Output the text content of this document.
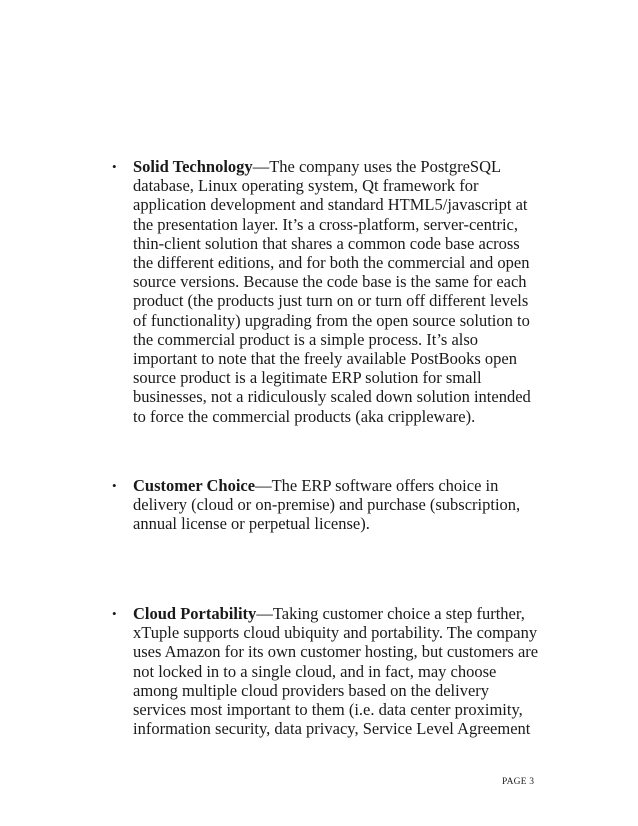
• Solid Technology—The company uses the PostgreSQL
database, Linux operating system, Qt framework for
application development and standard HTML5/javascript at
the presentation layer. It’s a cross-platform, server-centric,
thin-client solution that shares a common code base across
the different editions, and for both the commercial and open
source versions. Because the code base is the same for each
product (the products just turn on or turn off different levels
of functionality) upgrading from the open source solution to
the commercial product is a simple process. It’s also
important to note that the freely available PostBooks open
source product is a legitimate ERP solution for small
businesses, not a ridiculously scaled down solution intended
to force the commercial products (aka crippleware).
• Customer Choice—The ERP software offers choice in
delivery (cloud or on-premise) and purchase (subscription,
annual license or perpetual license).
• Cloud Portability—Taking customer choice a step further,
xTuple supports cloud ubiquity and portability. The company
uses Amazon for its own customer hosting, but customers are
not locked in to a single cloud, and in fact, may choose
among multiple cloud providers based on the delivery
services most important to them (i.e. data center proximity,
information security, data privacy, Service Level Agreement
PAGE 3
